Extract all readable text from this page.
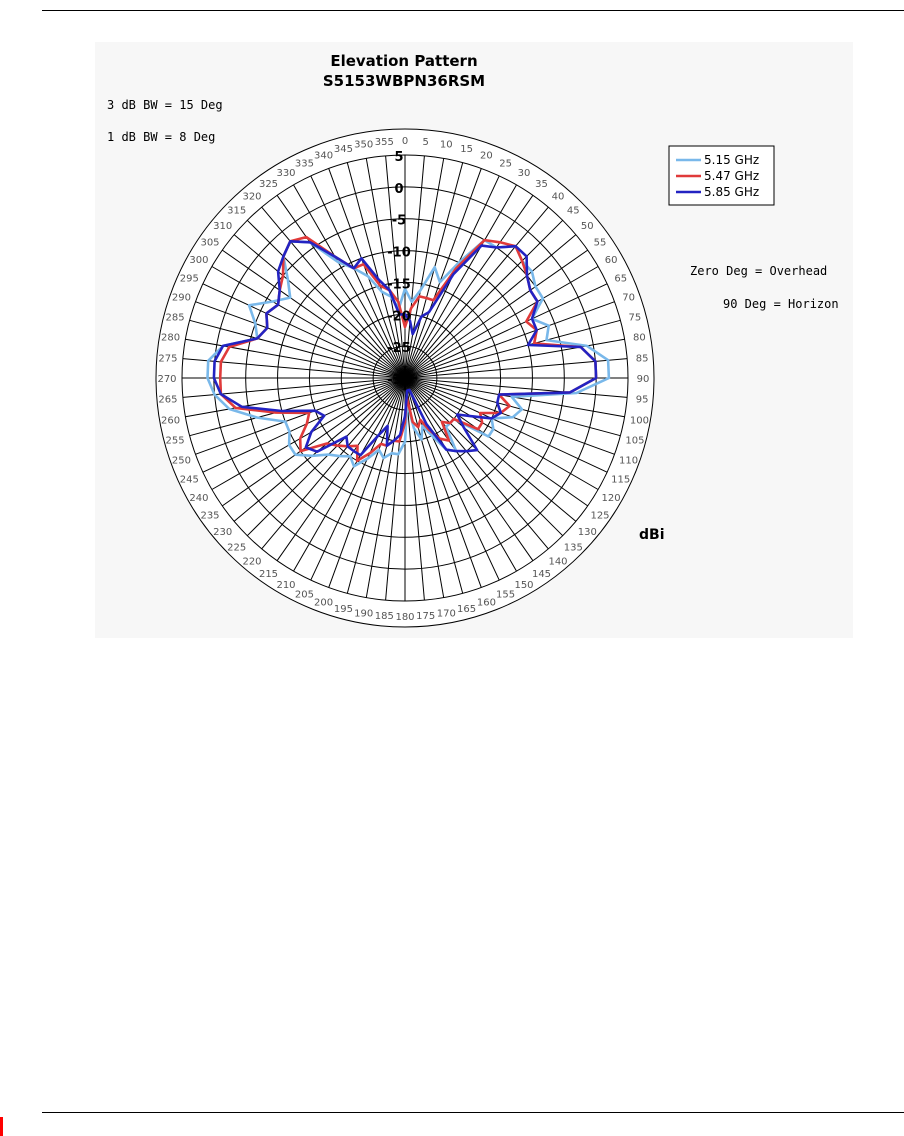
Elevation Pattern
S5153WBPN36RSM
3 dB BW = 15 Deg
1 dB BW = 8 Deg
Zero Deg = Overhead
90 Deg = Horizon
dBi
5
0
-5
-10
-15
-20
-25
-30
0 5 10 15
20
25
30
35
40
45
50
55
60
65
70
75
80
85
90
95
100
105
110
115
120
125
130
135
140
145
150
155
160
165
170
175
180
185
190
195
200
205
210
215
220
225
230
235
240
245
250
255
260
265
270
275
280
285
290
295
300
305
310
315
320
325
330
335
340
345 350 355
5.15 GHz
5.47 GHz
5.85 GHz
